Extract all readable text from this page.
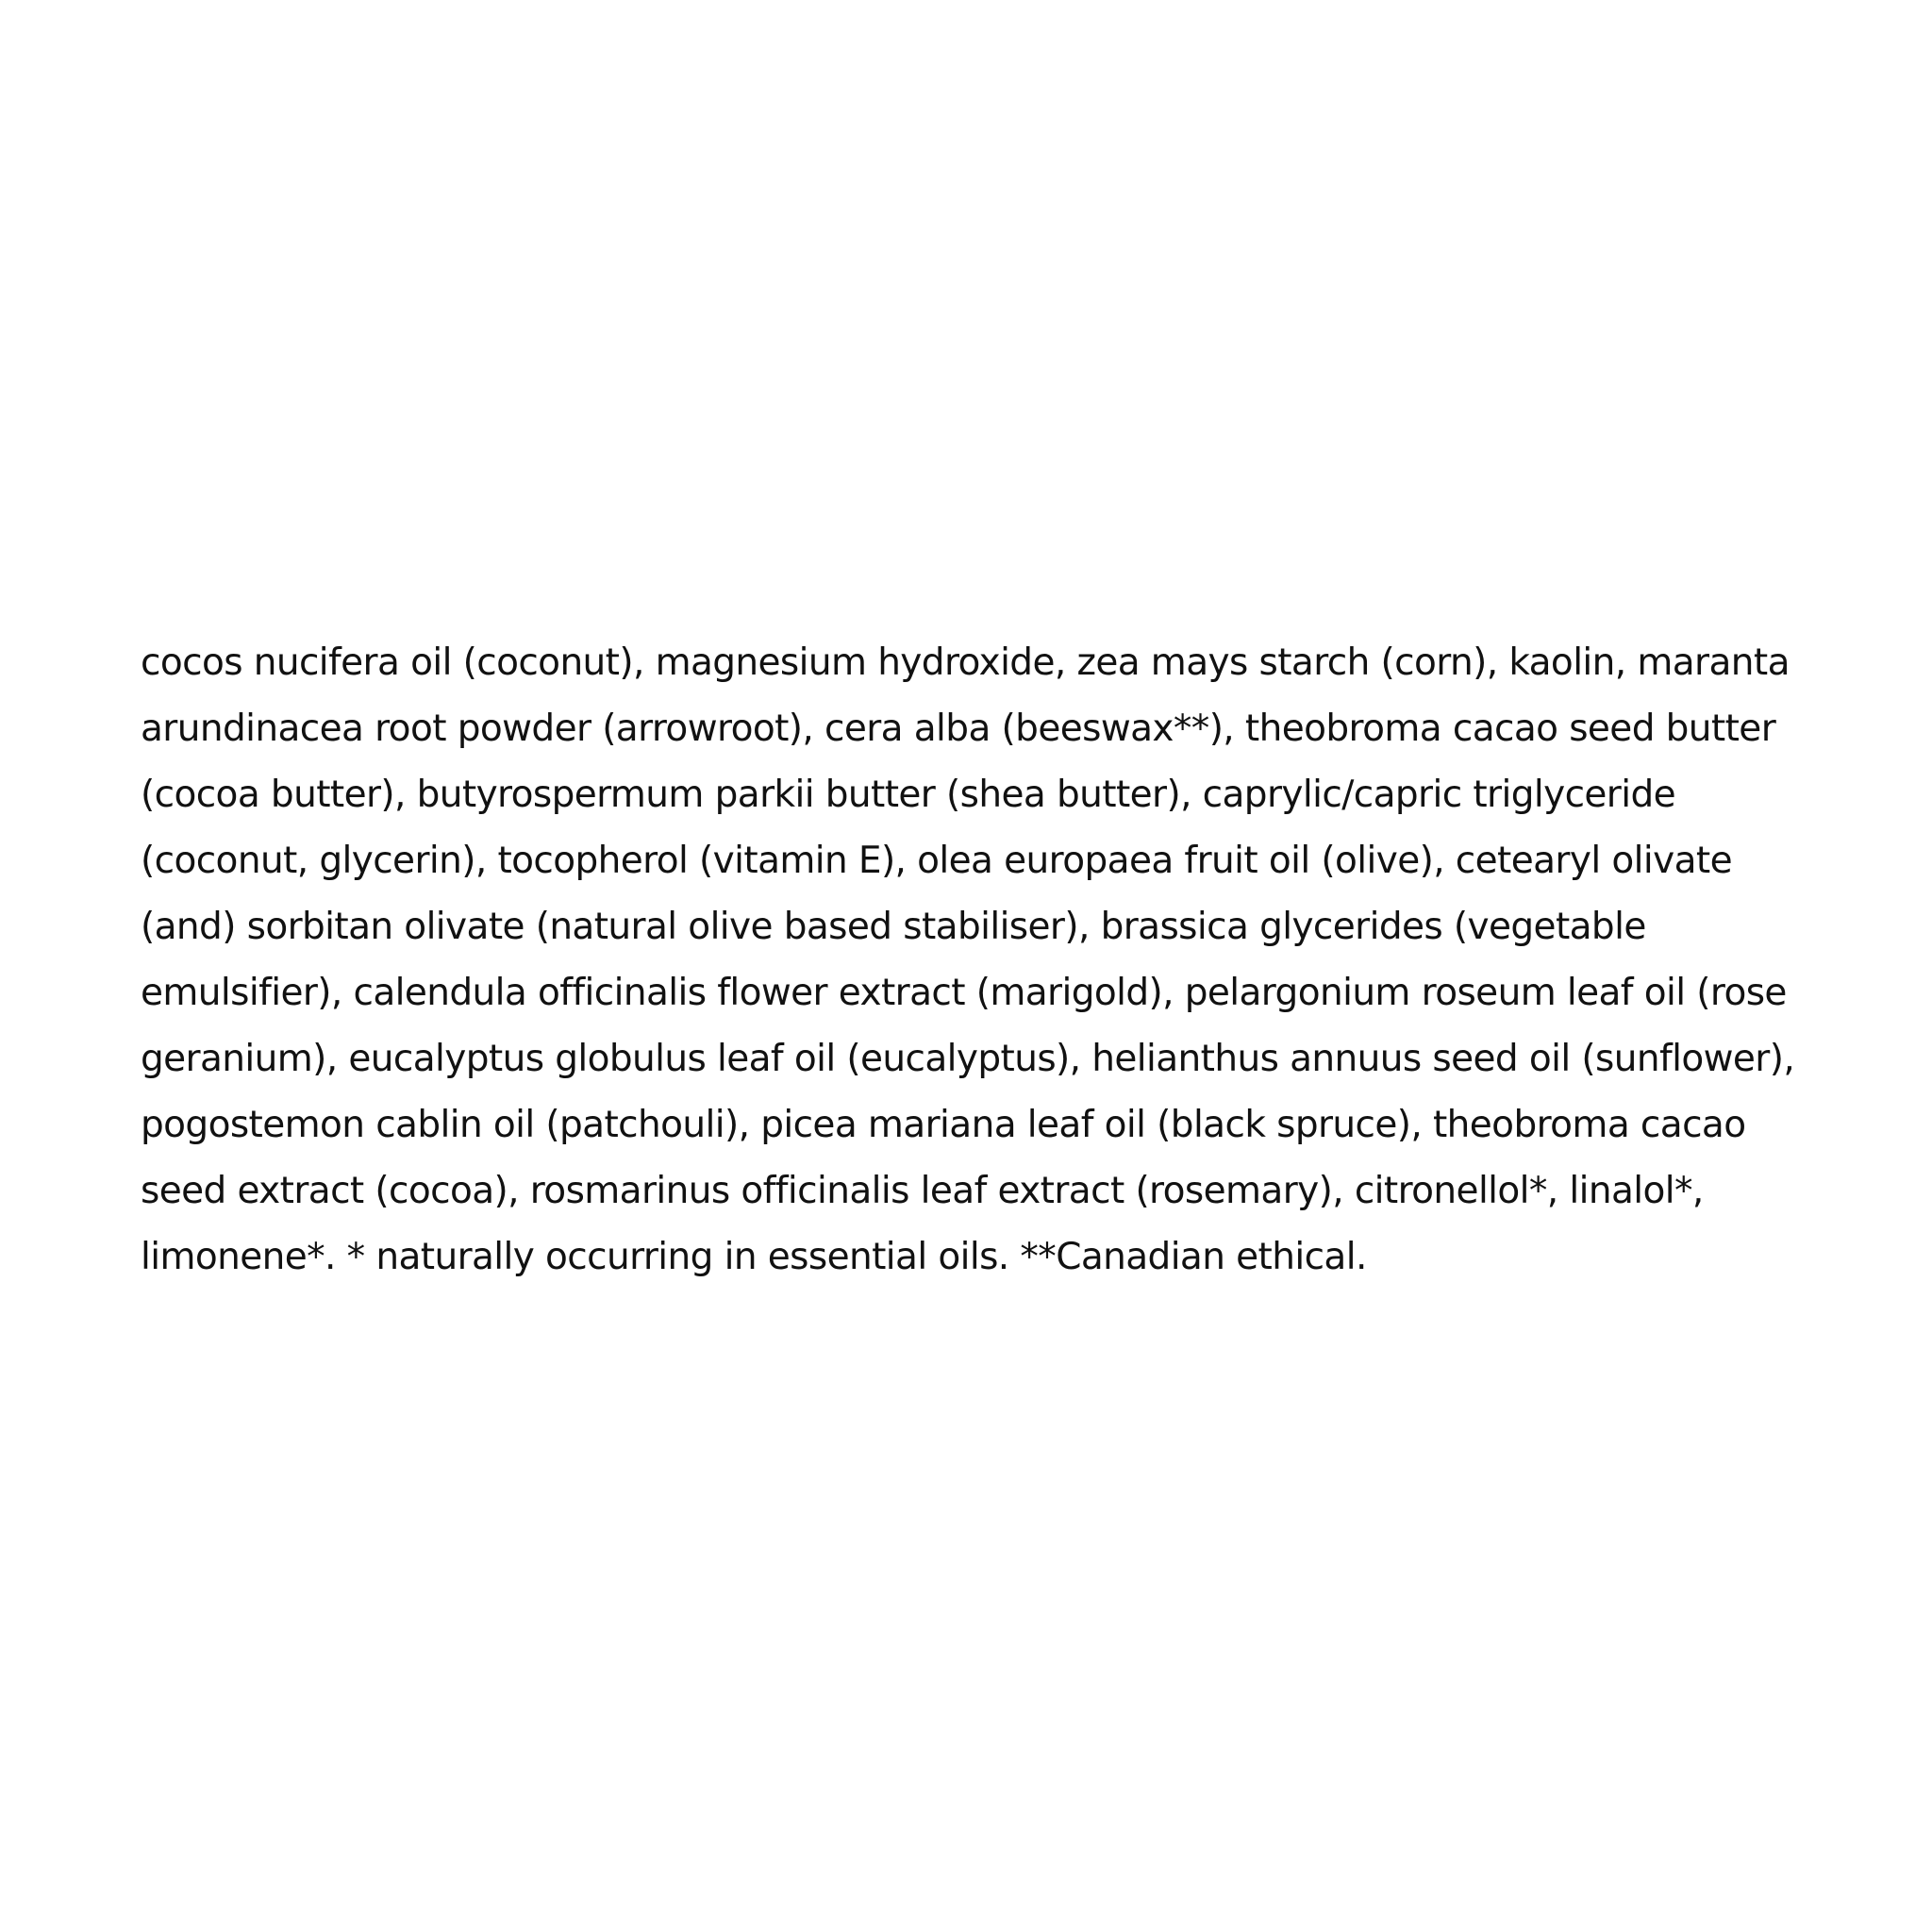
cocos nucifera oil (coconut), magnesium hydroxide, zea mays starch (corn), kaolin, maranta
arundinacea root powder (arrowroot), cera alba (beeswax**), theobroma cacao seed butter
(cocoa butter), butyrospermum parkii butter (shea butter), caprylic/capric triglyceride
(coconut, glycerin), tocopherol (vitamin E), olea europaea fruit oil (olive), cetearyl olivate
(and) sorbitan olivate (natural olive based stabiliser), brassica glycerides (vegetable
emulsifier), calendula officinalis flower extract (marigold), pelargonium roseum leaf oil (rose
geranium), eucalyptus globulus leaf oil (eucalyptus), helianthus annuus seed oil (sunflower),
pogostemon cablin oil (patchouli), picea mariana leaf oil (black spruce), theobroma cacao
seed extract (cocoa), rosmarinus officinalis leaf extract (rosemary), citronellol*, linalol*,
limonene*. * naturally occurring in essential oils. **Canadian ethical.
